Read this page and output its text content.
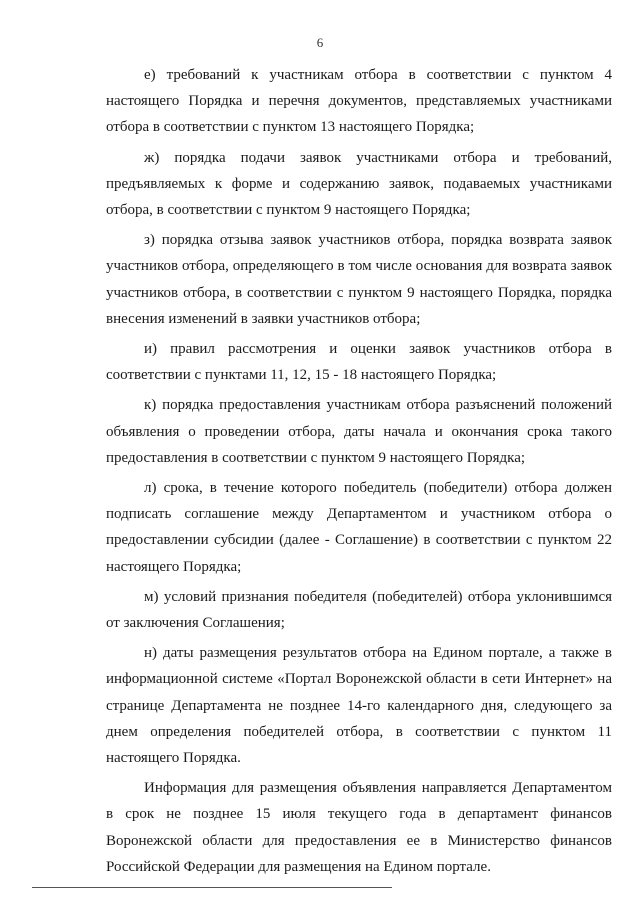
6

е) требований к участникам отбора в соответствии с пунктом 4 настоящего Порядка и перечня документов, представляемых участниками отбора в соответствии с пунктом 13 настоящего Порядка;

ж) порядка подачи заявок участниками отбора и требований, предъявляемых к форме и содержанию заявок, подаваемых участниками отбора, в соответствии с пунктом 9 настоящего Порядка;

з) порядка отзыва заявок участников отбора, порядка возврата заявок участников отбора, определяющего в том числе основания для возврата заявок участников отбора, в соответствии с пунктом 9 настоящего Порядка, порядка внесения изменений в заявки участников отбора;

и) правил рассмотрения и оценки заявок участников отбора в соответствии с пунктами 11, 12, 15 - 18 настоящего Порядка;

к) порядка предоставления участникам отбора разъяснений положений объявления о проведении отбора, даты начала и окончания срока такого предоставления в соответствии с пунктом 9 настоящего Порядка;

л) срока, в течение которого победитель (победители) отбора должен подписать соглашение между Департаментом и участником отбора о предоставлении субсидии (далее - Соглашение) в соответствии с пунктом 22 настоящего Порядка;

м) условий признания победителя (победителей) отбора уклонившимся от заключения Соглашения;

н) даты размещения результатов отбора на Едином портале, а также в информационной системе «Портал Воронежской области в сети Интернет» на странице Департамента не позднее 14-го календарного дня, следующего за днем определения победителей отбора, в соответствии с пунктом 11 настоящего Порядка.

Информация для размещения объявления направляется Департаментом в срок не позднее 15 июля текущего года в департамент финансов Воронежской области для предоставления ее в Министерство финансов Российской Федерации для размещения на Едином портале.
